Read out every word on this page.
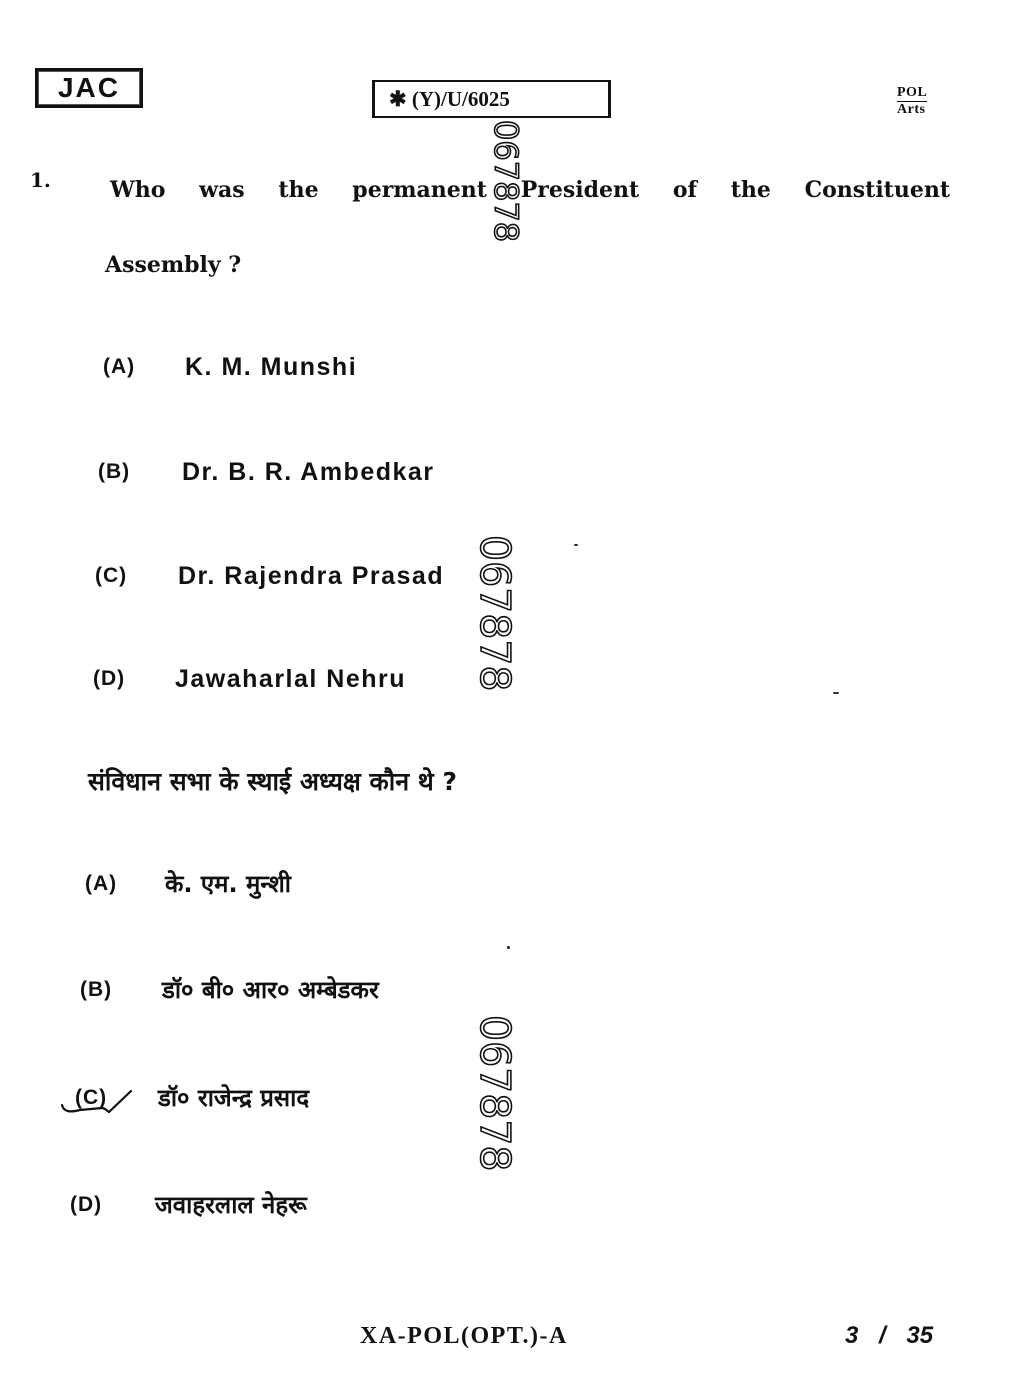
JAC	✱ (Y)/U/6025	POL
Arts
1.	Who was the permanent President of the Constituent
Assembly ?
(A) K. M. Munshi
(B) Dr. B. R. Ambedkar
(C) Dr. Rajendra Prasad
(D) Jawaharlal Nehru
संविधान सभा के स्थाई अध्यक्ष कौन थे ?
(A) के. एम. मुन्शी
(B) डॉ० बी० आर० अम्बेडकर
(C) डॉ० राजेन्द्र प्रसाद
(D) जवाहरलाल नेहरू
067878
067878
067878
XA-POL(OPT.)-A	3 / 35
